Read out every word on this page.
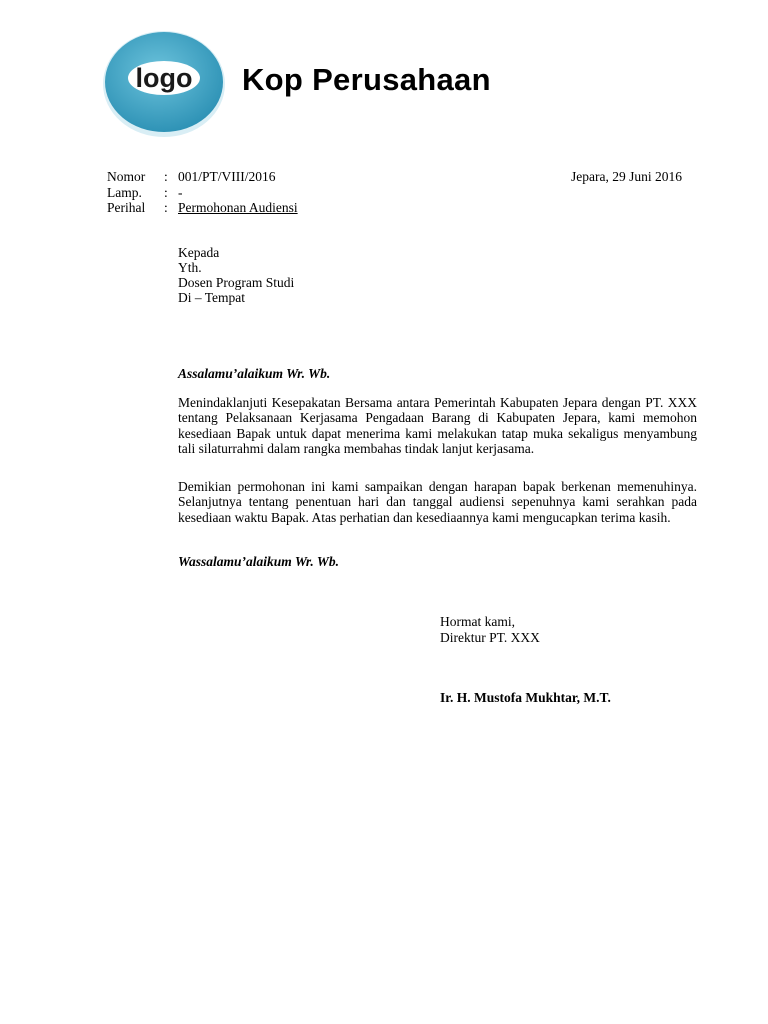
logo Kop Perusahaan
Nomor	:	001/PT/VIII/2016
Lamp.	:	-
Perihal	:	Permohonan Audiensi
Jepara, 29 Juni 2016
Kepada
Yth.
Dosen Program Studi
Di – Tempat
Assalamu’alaikum Wr. Wb.
Menindaklanjuti Kesepakatan Bersama antara Pemerintah Kabupaten Jepara dengan PT. XXX tentang Pelaksanaan Kerjasama Pengadaan Barang di Kabupaten Jepara, kami memohon kesediaan Bapak untuk dapat menerima kami melakukan tatap muka sekaligus menyambung tali silaturrahmi dalam rangka membahas tindak lanjut kerjasama.
Demikian permohonan ini kami sampaikan dengan harapan bapak berkenan memenuhinya. Selanjutnya tentang penentuan hari dan tanggal audiensi sepenuhnya kami serahkan pada kesediaan waktu Bapak. Atas perhatian dan kesediaannya kami mengucapkan terima kasih.
Wassalamu’alaikum Wr. Wb.
Hormat kami,
Direktur PT. XXX
Ir. H. Mustofa Mukhtar, M.T.
